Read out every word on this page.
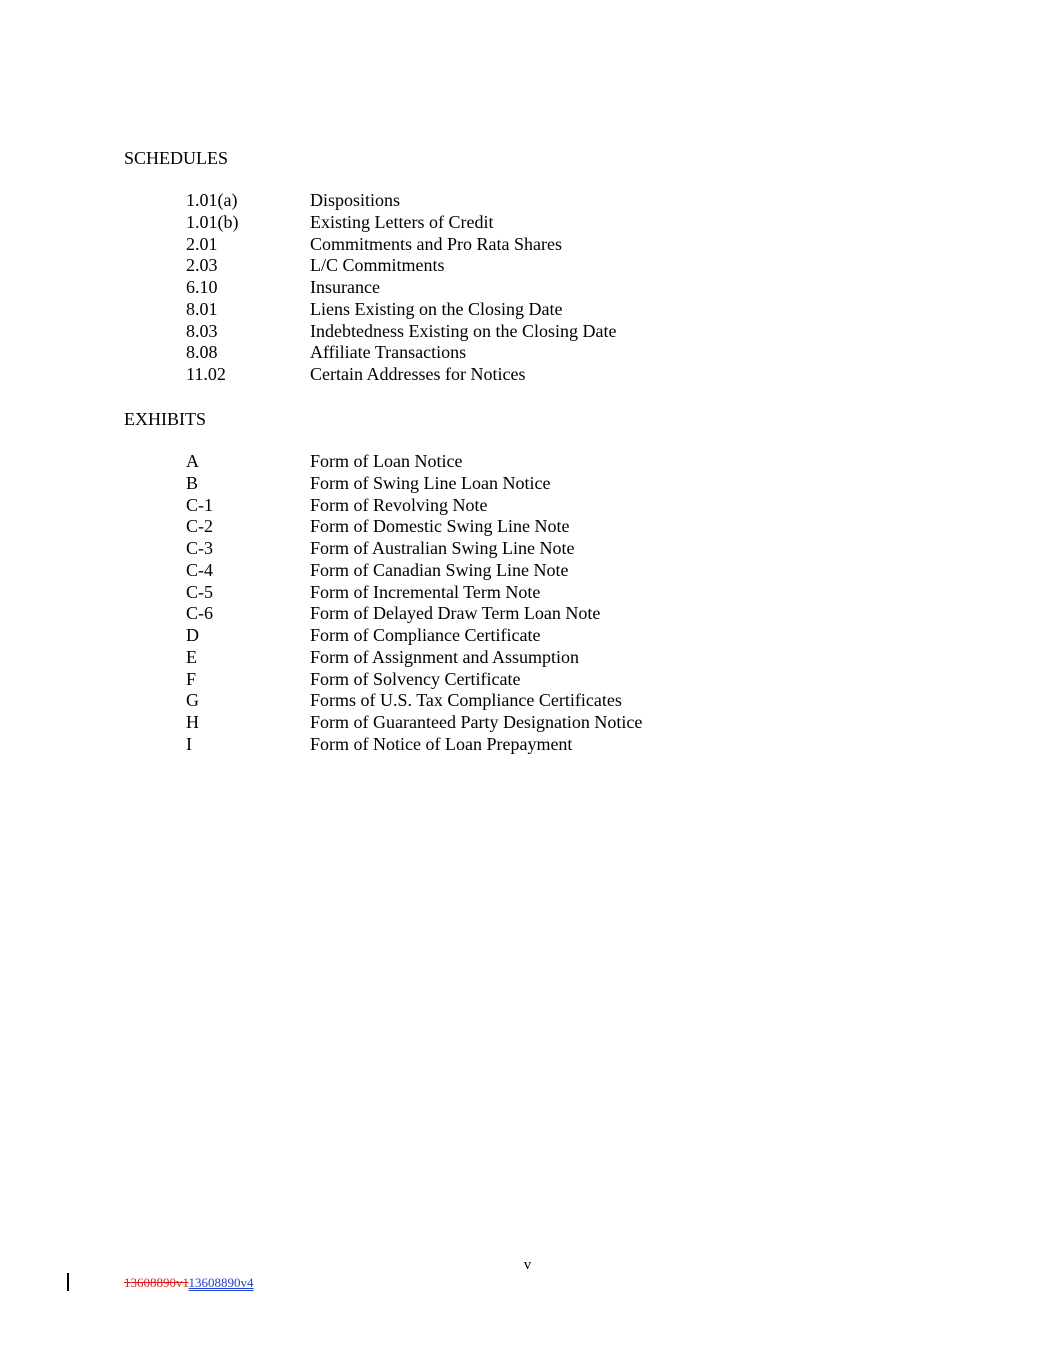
SCHEDULES
1.01(a)	Dispositions
1.01(b)	Existing Letters of Credit
2.01	Commitments and Pro Rata Shares
2.03	L/C Commitments
6.10	Insurance
8.01	Liens Existing on the Closing Date
8.03	Indebtedness Existing on the Closing Date
8.08	Affiliate Transactions
11.02	Certain Addresses for Notices
EXHIBITS
A	Form of Loan Notice
B	Form of Swing Line Loan Notice
C-1	Form of Revolving Note
C-2	Form of Domestic Swing Line Note
C-3	Form of Australian Swing Line Note
C-4	Form of Canadian Swing Line Note
C-5	Form of Incremental Term Note
C-6	Form of Delayed Draw Term Loan Note
D	Form of Compliance Certificate
E	Form of Assignment and Assumption
F	Form of Solvency Certificate
G	Forms of U.S. Tax Compliance Certificates
H	Form of Guaranteed Party Designation Notice
I	Form of Notice of Loan Prepayment
v
13608890v113608890v4
